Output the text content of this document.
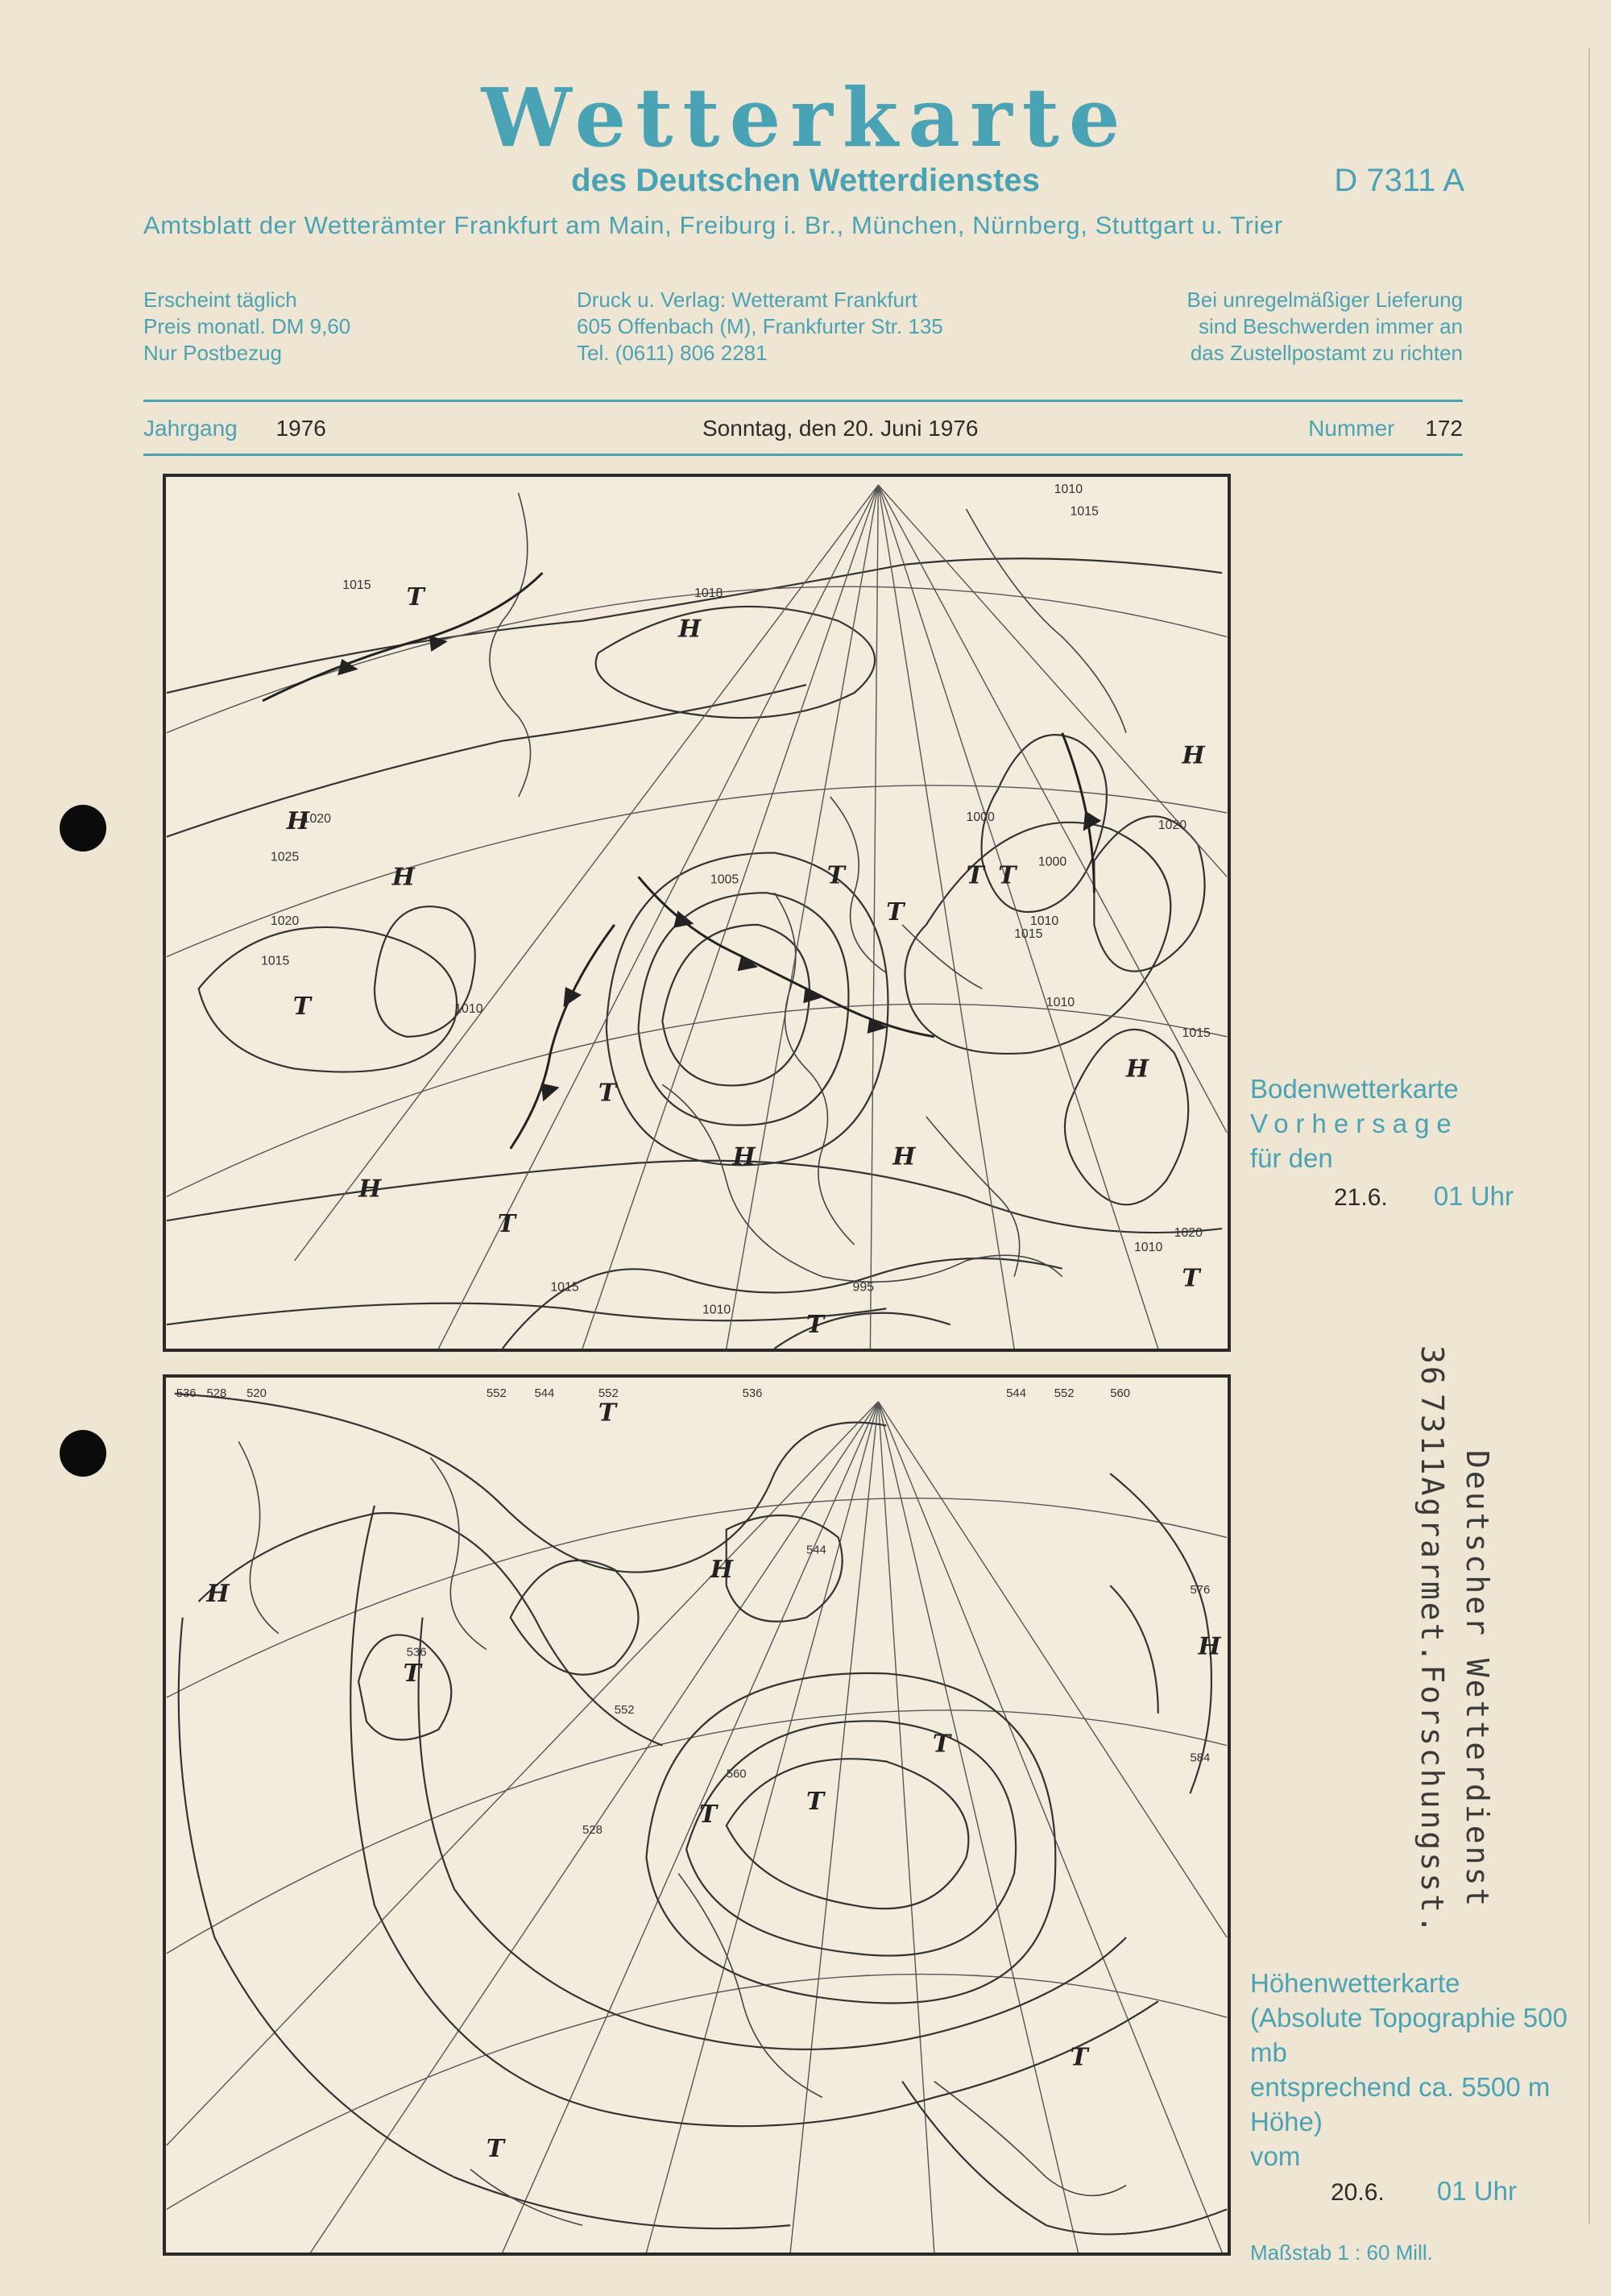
Wetterkarte
des Deutschen Wetterdienstes	D 7311 A
Amtsblatt der Wetterämter Frankfurt am Main, Freiburg i. Br., München, Nürnberg, Stuttgart u. Trier
Erscheint täglich
Preis monatl. DM 9,60
Nur Postbezug
Druck u. Verlag: Wetteramt Frankfurt
605 Offenbach (M), Frankfurter Str. 135
Tel. (0611) 806 2281
Bei unregelmäßiger Lieferung
sind Beschwerden immer an
das Zustellpostamt zu richten
Jahrgang 1976	Sonntag, den 20. Juni 1976	Nummer 172
1010
1015
1018
1015
1020
1025
1020
1015
1010
1005
1000
995
1000
1010
1015
1020
1010
1015
1020
1010
1015
1010
H
H
H
H
H
H
H	H
T
T
T
T	T T
T
T
T
T
Bodenwetterkarte
Vorhersage
für den
21.6. 01 Uhr
536 528 520	552 544	552	536	544 552	560
576
584
536
544
528
552
560
H
H
H
T
T
T	T
T
T
T
Höhenwetterkarte
(Absolute Topographie 500 mb
entsprechend ca. 5500 m Höhe)
vom
20.6. 01 Uhr
Maßstab 1 : 60 Mill.
36
7311Agrarmet.Forschungsst. Deutscher Wetterdienst
